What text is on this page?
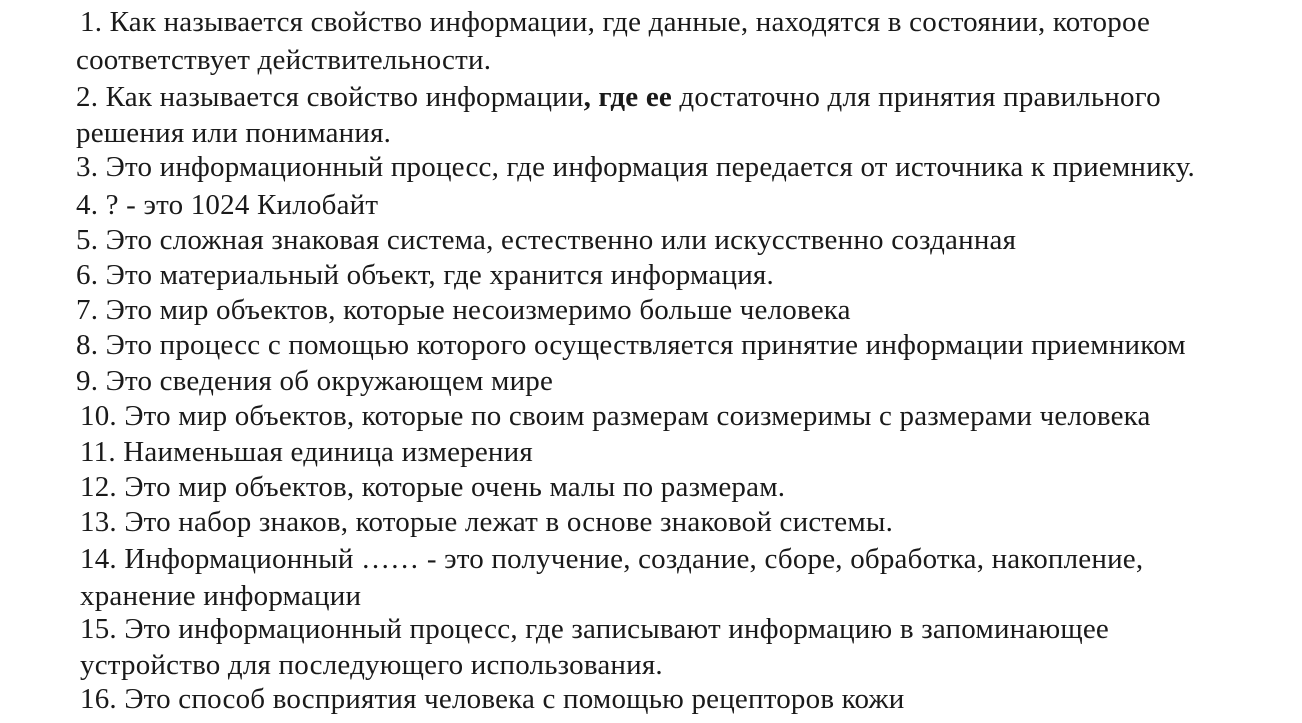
1. Как называется свойство информации, где данные, находятся в состоянии, которое
соответствует действительности.
2. Как называется свойство информации, где ее достаточно для принятия правильного
решения или понимания.
3. Это информационный процесс, где информация передается от источника к приемнику.
4. ? - это 1024 Килобайт
5. Это сложная знаковая система, естественно или искусственно созданная
6. Это материальный объект, где хранится информация.
7. Это мир объектов, которые несоизмеримо больше человека
8. Это процесс с помощью которого осуществляется принятие информации приемником
9. Это сведения об окружающем мире
10. Это мир объектов, которые по своим размерам соизмеримы с размерами человека
11. Наименьшая единица измерения
12. Это мир объектов, которые очень малы по размерам.
13. Это набор знаков, которые лежат в основе знаковой системы.
14. Информационный …… - это получение, создание, сборе, обработка, накопление,
хранение информации
15. Это информационный процесс, где записывают информацию в запоминающее
устройство для последующего использования.
16. Это способ восприятия человека с помощью рецепторов кожи
